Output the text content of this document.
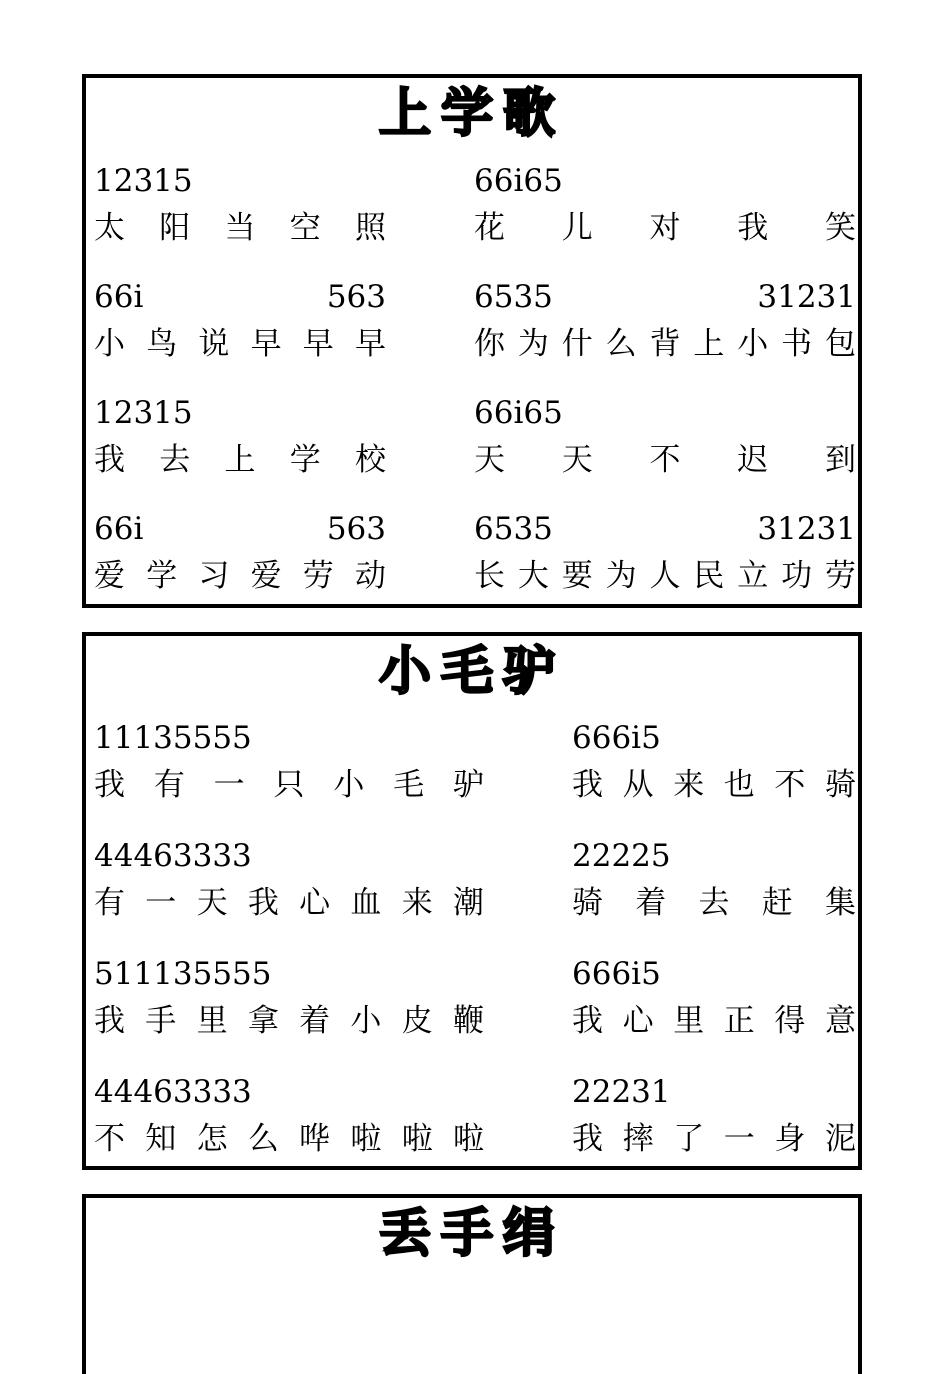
上学歌
小毛驴
丢手绢
12315
太 阳 当 空 照
66i65
花 儿 对 我 笑
66i	563
小 鸟 说 早 早 早
6535	31231
你 为 什 么 背 上 小 书 包
12315
我 去 上 学 校
66i65
天 天 不 迟 到
66i	563
爱 学 习 爱 劳 动
6535	31231
长 大 要 为 人 民 立 功 劳
11135555
我 有 一 只 小 毛 驴
666i5
我 从 来 也 不 骑
44463333
有 一 天 我 心 血 来 潮
22225
骑 着 去 赶 集
511135555
我 手 里 拿 着 小 皮 鞭
666i5
我 心 里 正 得 意
44463333
不 知 怎 么 哗 啦 啦 啦
22231
我 摔 了 一 身 泥
